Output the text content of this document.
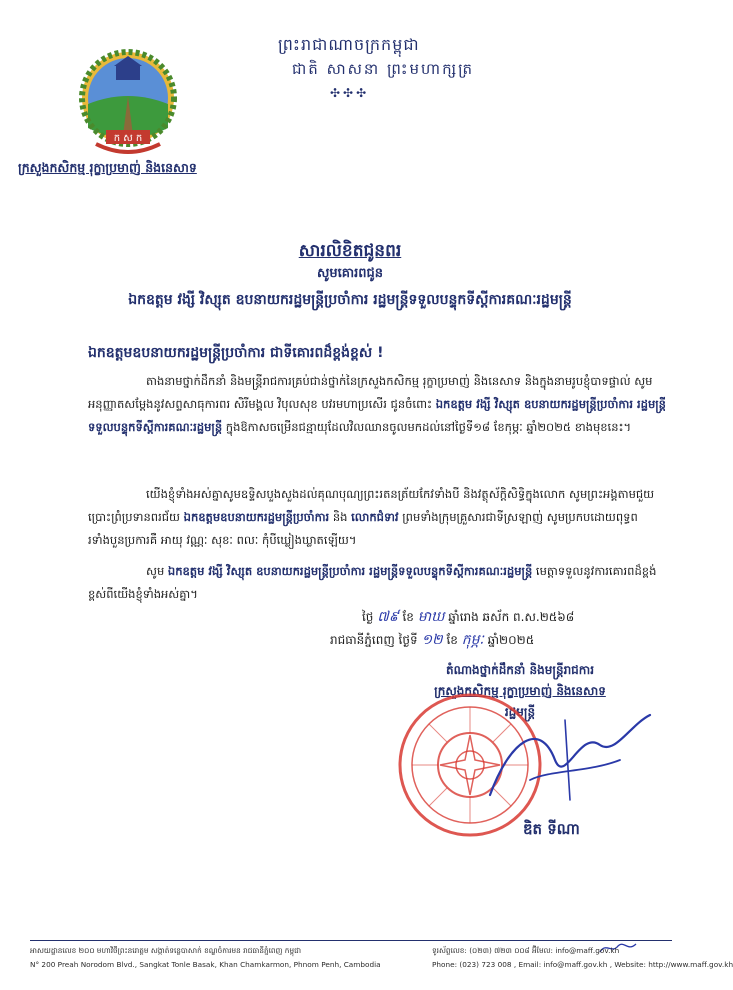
ក ស ក
ក្រសួងកសិកម្ម រុក្ខាប្រមាញ់ និងនេសាទ
ព្រះរាជាណាចក្រកម្ពុជា
ជាតិ សាសនា ព្រះមហាក្សត្រ
✣✣✣
សារលិខិតជូនពរ
សូមគោរពជូន
ឯកឧត្តម វង្សី វិស្សុត ឧបនាយករដ្ឋមន្ត្រីប្រចាំការ រដ្ឋមន្ត្រីទទួលបន្ទុកទីស្តីការគណៈរដ្ឋមន្ត្រី
ឯកឧត្តមឧបនាយករដ្ឋមន្ត្រីប្រចាំការ ជាទីគោរពដ៏ខ្ពង់ខ្ពស់ !
តាងនាមថ្នាក់ដឹកនាំ និងមន្ត្រីរាជការគ្រប់ជាន់ថ្នាក់នៃក្រសួងកសិកម្ម រុក្ខាប្រមាញ់ និងនេសាទ និងក្នុងនាមរូបខ្ញុំបាទផ្ទាល់ សូមអនុញ្ញាតសម្តែងនូវសព្ទសាធុការពរ សិរីមង្គល វិបុលសុខ បវរមហាប្រសើរ ជូនចំពោះ ឯកឧត្តម វង្សី វិស្សុត ឧបនាយករដ្ឋមន្ត្រីប្រចាំការ រដ្ឋមន្ត្រីទទួលបន្ទុកទីស្តីការគណៈរដ្ឋមន្ត្រី ក្នុងឱកាសចម្រើនជន្មាយុដែលវិលឈានចូលមកដល់នៅថ្ងៃទី១៨ ខែកុម្ភៈ ឆ្នាំ២០២៥ ខាងមុខនេះ។
យើងខ្ញុំទាំងអស់គ្នាសូមឧទ្ទិសបួងសួងដល់គុណបុណ្យព្រះរតនត្រ័យកែវទាំងបី និងវត្ថុស័ក្តិសិទ្ធិក្នុងលោក សូមព្រះអង្គតាមជួយប្រោះព្រំប្រទានពរជ័យ ឯកឧត្តមឧបនាយករដ្ឋមន្ត្រីប្រចាំការ និង លោកជំទាវ ព្រមទាំងក្រុមគ្រួសារជាទីស្រឡាញ់ សូមប្រកបដោយពុទ្ធពរទាំងបួនប្រការគឺ អាយុ វណ្ណៈ សុខៈ ពលៈ កុំបីឃ្លៀងឃ្លាតឡើយ។
សូម ឯកឧត្តម វង្សី វិស្សុត ឧបនាយករដ្ឋមន្ត្រីប្រចាំការ រដ្ឋមន្ត្រីទទួលបន្ទុកទីស្តីការគណៈរដ្ឋមន្ត្រី មេត្តាទទួលនូវការគោរពដ៏ខ្ពង់ខ្ពស់ពីយើងខ្ញុំទាំងអស់គ្នា។
ថ្ងៃ ៧៩ ខែ មាឃ ឆ្នាំរោង ឆស័ក ព.ស.២៥៦៨
រាជធានីភ្នំពេញ ថ្ងៃទី ១២ ខែ កុម្ភៈ ឆ្នាំ២០២៥
តំណាងថ្នាក់ដឹកនាំ និងមន្ត្រីរាជការ
ក្រសួងកសិកម្ម រុក្ខាប្រមាញ់ និងនេសាទ
រដ្ឋមន្ត្រី
ឌិត ទីណា
អាសយដ្ឋានលេខ ២០០ មហាវិថីព្រះនរោត្តម សង្កាត់ទន្លេបាសាក់ ខណ្ឌចំការមន រាជធានីភ្នំពេញ កម្ពុជា
N° 200 Preah Norodom Blvd., Sangkat Tonle Basak, Khan Chamkarmon, Phnom Penh, Cambodia
ទូរស័ព្ទលេខ: (០២៣) ៧២៣ ០០៨ អ៊ីមែល: info@maff.gov.kh
Phone: (023) 723 008 , Email: info@maff.gov.kh , Website: http://www.maff.gov.kh
